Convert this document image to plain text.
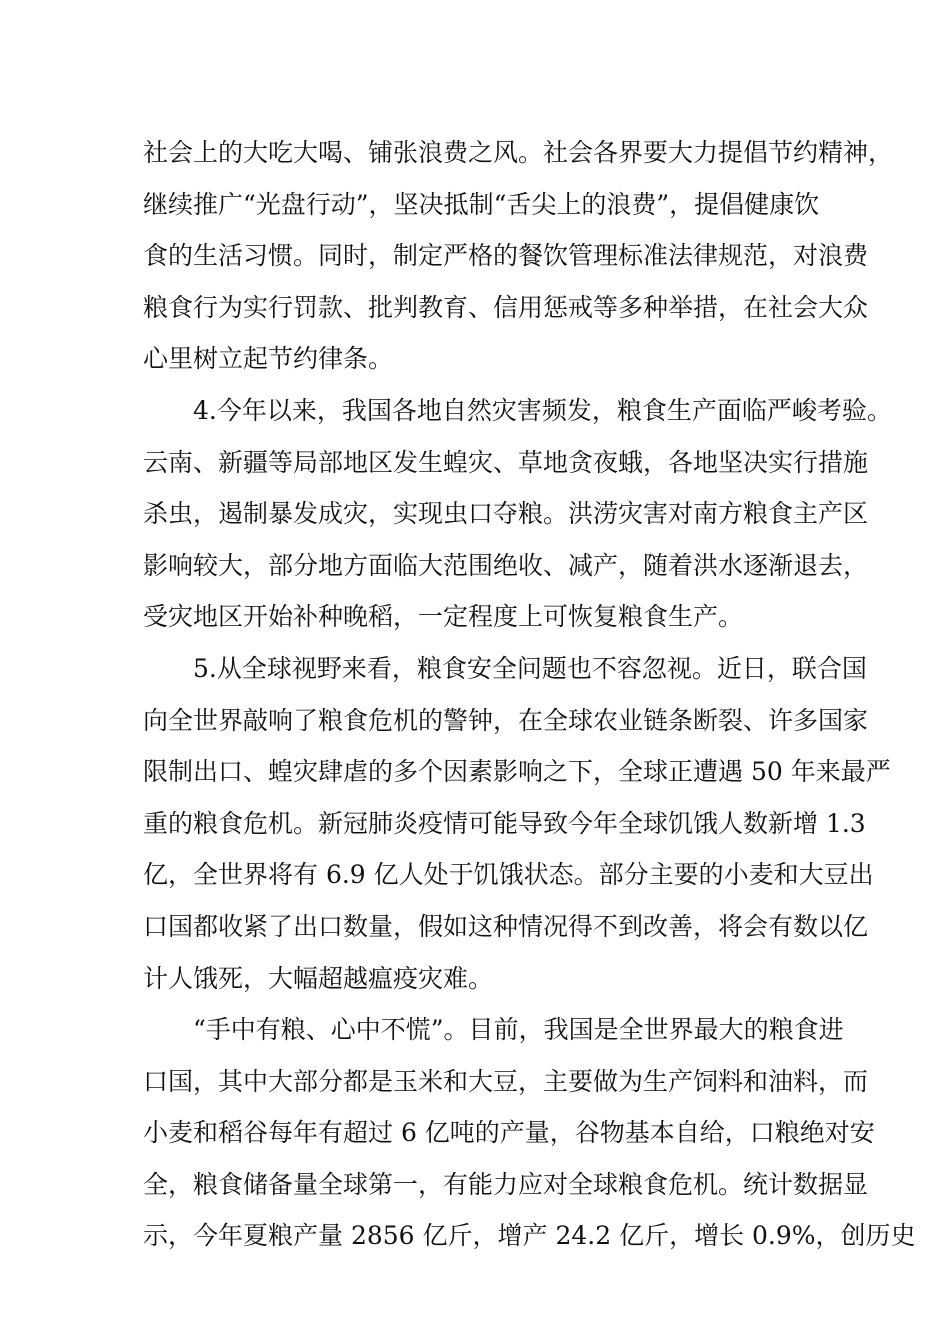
社会上的大吃大喝、铺张浪费之风。社会各界要大力提倡节约精神，
继续推广“光盘行动”，坚决抵制“舌尖上的浪费”，提倡健康饮
食的生活习惯。同时，制定严格的餐饮管理标准法律规范，对浪费
粮食行为实行罚款、批判教育、信用惩戒等多种举措，在社会大众
心里树立起节约律条。
4.今年以来，我国各地自然灾害频发，粮食生产面临严峻考验。
云南、新疆等局部地区发生蝗灾、草地贪夜蛾，各地坚决实行措施
杀虫，遏制暴发成灾，实现虫口夺粮。洪涝灾害对南方粮食主产区
影响较大，部分地方面临大范围绝收、减产，随着洪水逐渐退去，
受灾地区开始补种晚稻，一定程度上可恢复粮食生产。
5.从全球视野来看，粮食安全问题也不容忽视。近日，联合国
向全世界敲响了粮食危机的警钟，在全球农业链条断裂、许多国家
限制出口、蝗灾肆虐的多个因素影响之下，全球正遭遇 50 年来最严
重的粮食危机。新冠肺炎疫情可能导致今年全球饥饿人数新增 1.3
亿，全世界将有 6.9 亿人处于饥饿状态。部分主要的小麦和大豆出
口国都收紧了出口数量，假如这种情况得不到改善，将会有数以亿
计人饿死，大幅超越瘟疫灾难。
“手中有粮、心中不慌”。目前，我国是全世界最大的粮食进
口国，其中大部分都是玉米和大豆，主要做为生产饲料和油料，而
小麦和稻谷每年有超过 6 亿吨的产量，谷物基本自给，口粮绝对安
全，粮食储备量全球第一，有能力应对全球粮食危机。统计数据显
示，今年夏粮产量 2856 亿斤，增产 24.2 亿斤，增长 0.9%，创历史
